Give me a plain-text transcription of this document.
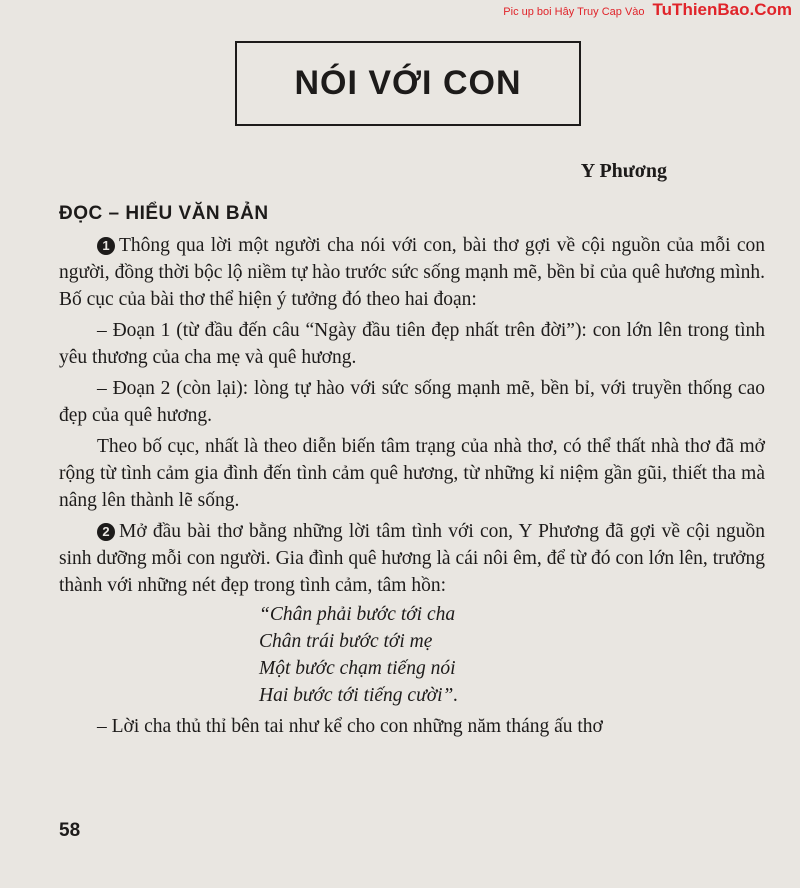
Pic up boi Hây Truy Cap Vào TuThienBao.Com
NÓI VỚI CON
Y Phương
ĐỌC – HIỂU VĂN BẢN

1 Thông qua lời một người cha nói với con, bài thơ gợi về cội nguồn của mỗi con người, đồng thời bộc lộ niềm tự hào trước sức sống mạnh mẽ, bền bỉ của quê hương mình. Bố cục của bài thơ thể hiện ý tưởng đó theo hai đoạn:

– Đoạn 1 (từ đầu đến câu “Ngày đầu tiên đẹp nhất trên đời”): con lớn lên trong tình yêu thương của cha mẹ và quê hương.

– Đoạn 2 (còn lại): lòng tự hào với sức sống mạnh mẽ, bền bỉ, với truyền thống cao đẹp của quê hương.

Theo bố cục, nhất là theo diễn biến tâm trạng của nhà thơ, có thể thất nhà thơ đã mở rộng từ tình cảm gia đình đến tình cảm quê hương, từ những kỉ niệm gần gũi, thiết tha mà nâng lên thành lẽ sống.

2 Mở đầu bài thơ bằng những lời tâm tình với con, Y Phương đã gợi về cội nguồn sinh dưỡng mỗi con người. Gia đình quê hương là cái nôi êm, để từ đó con lớn lên, trưởng thành với những nét đẹp trong tình cảm, tâm hồn:

“Chân phải bước tới cha
Chân trái bước tới mẹ
Một bước chạm tiếng nói
Hai bước tới tiếng cười”.

– Lời cha thủ thỉ bên tai như kể cho con những năm tháng ấu thơ

58
